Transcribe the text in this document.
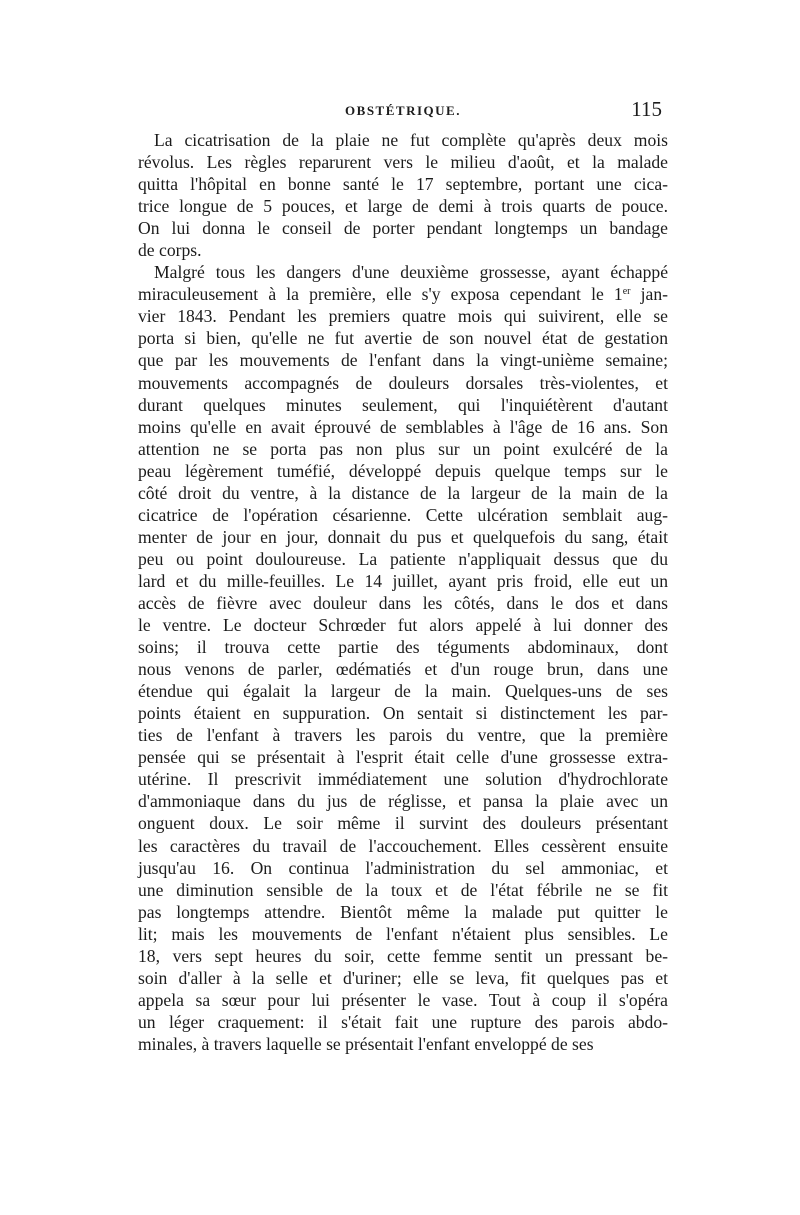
OBSTÉTRIQUE.	115
La cicatrisation de la plaie ne fut complète qu'après deux mois
révolus. Les règles reparurent vers le milieu d'août, et la malade
quitta l'hôpital en bonne santé le 17 septembre, portant une cica-
trice longue de 5 pouces, et large de demi à trois quarts de pouce.
On lui donna le conseil de porter pendant longtemps un bandage
de corps.
Malgré tous les dangers d'une deuxième grossesse, ayant échappé
miraculeusement à la première, elle s'y exposa cependant le 1er jan-
vier 1843. Pendant les premiers quatre mois qui suivirent, elle se
porta si bien, qu'elle ne fut avertie de son nouvel état de gestation
que par les mouvements de l'enfant dans la vingt-unième semaine;
mouvements accompagnés de douleurs dorsales très-violentes, et
durant quelques minutes seulement, qui l'inquiétèrent d'autant
moins qu'elle en avait éprouvé de semblables à l'âge de 16 ans. Son
attention ne se porta pas non plus sur un point exulcéré de la
peau légèrement tuméfié, développé depuis quelque temps sur le
côté droit du ventre, à la distance de la largeur de la main de la
cicatrice de l'opération césarienne. Cette ulcération semblait aug-
menter de jour en jour, donnait du pus et quelquefois du sang, était
peu ou point douloureuse. La patiente n'appliquait dessus que du
lard et du mille-feuilles. Le 14 juillet, ayant pris froid, elle eut un
accès de fièvre avec douleur dans les côtés, dans le dos et dans
le ventre. Le docteur Schrœder fut alors appelé à lui donner des
soins; il trouva cette partie des téguments abdominaux, dont
nous venons de parler, œdématiés et d'un rouge brun, dans une
étendue qui égalait la largeur de la main. Quelques-uns de ses
points étaient en suppuration. On sentait si distinctement les par-
ties de l'enfant à travers les parois du ventre, que la première
pensée qui se présentait à l'esprit était celle d'une grossesse extra-
utérine. Il prescrivit immédiatement une solution d'hydrochlorate
d'ammoniaque dans du jus de réglisse, et pansa la plaie avec un
onguent doux. Le soir même il survint des douleurs présentant
les caractères du travail de l'accouchement. Elles cessèrent ensuite
jusqu'au 16. On continua l'administration du sel ammoniac, et
une diminution sensible de la toux et de l'état fébrile ne se fit
pas longtemps attendre. Bientôt même la malade put quitter le
lit; mais les mouvements de l'enfant n'étaient plus sensibles. Le
18, vers sept heures du soir, cette femme sentit un pressant be-
soin d'aller à la selle et d'uriner; elle se leva, fit quelques pas et
appela sa sœur pour lui présenter le vase. Tout à coup il s'opéra
un léger craquement: il s'était fait une rupture des parois abdo-
minales, à travers laquelle se présentait l'enfant enveloppé de ses
